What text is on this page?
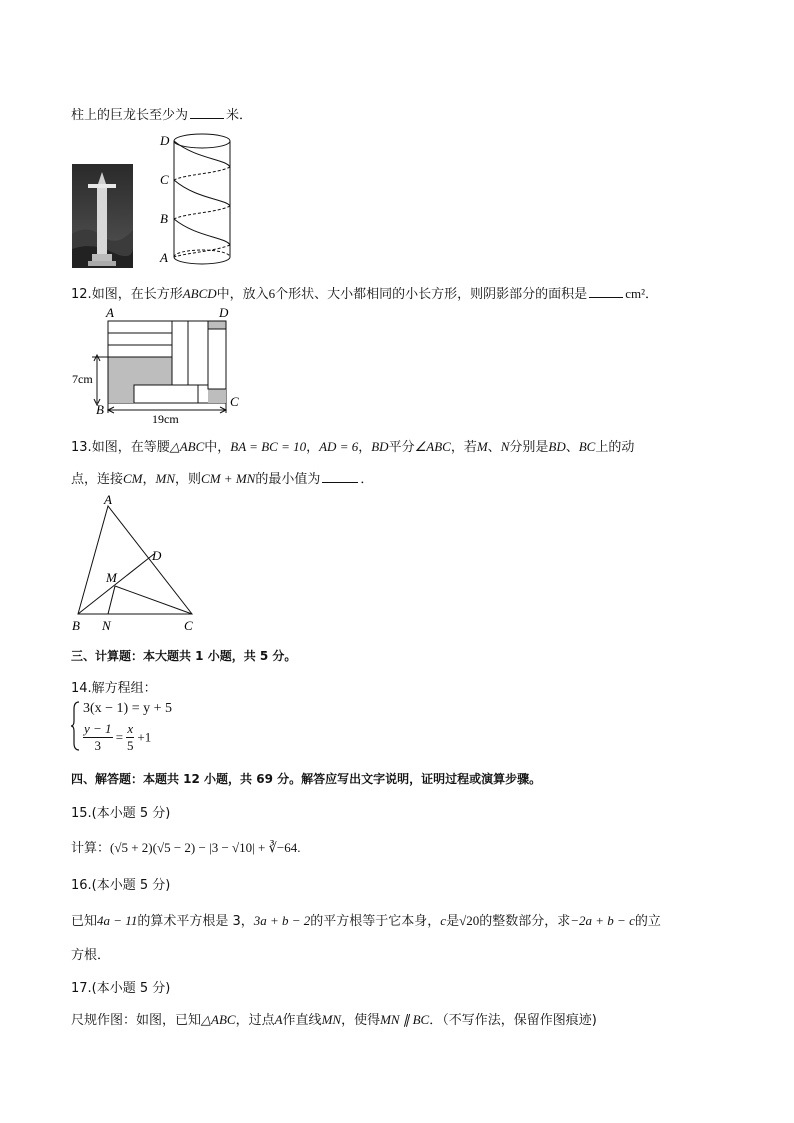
柱上的巨龙长至少为	米．
D
C
B
A
12.如图，在长方形ABCD中，放入6个形状、大小都相同的小长方形，则阴影部分的面积是	cm²．
A	D
B
C
7cm
19cm
13.如图，在等腰△ABC中，BA = BC = 10，AD = 6，BD平分∠ABC，若M、N分别是BD、BC上的动
点，连接CM，MN，则CM + MN的最小值为	．
A
B	C
D
M
N
三、计算题：本大题共 1 小题，共 5 分。
14.解方程组：
3(x − 1) = y + 5
$\frac{y - 1}{3} = \frac{x}{5} +1$
四、解答题：本题共 12 小题，共 69 分。解答应写出文字说明，证明过程或演算步骤。
15.(本小题 5 分)
计算：(√5 + 2)(√5 − 2) − |3 − √10| + ∛−64.
16.(本小题 5 分)
已知4a − 11的算术平方根是 3，3a + b − 2的平方根等于它本身，c是√20的整数部分，求−2a + b − c的立
方根．
17.(本小题 5 分)
尺规作图：如图，已知△ABC，过点A作直线MN，使得MN ∥ BC．（不写作法，保留作图痕迹)
